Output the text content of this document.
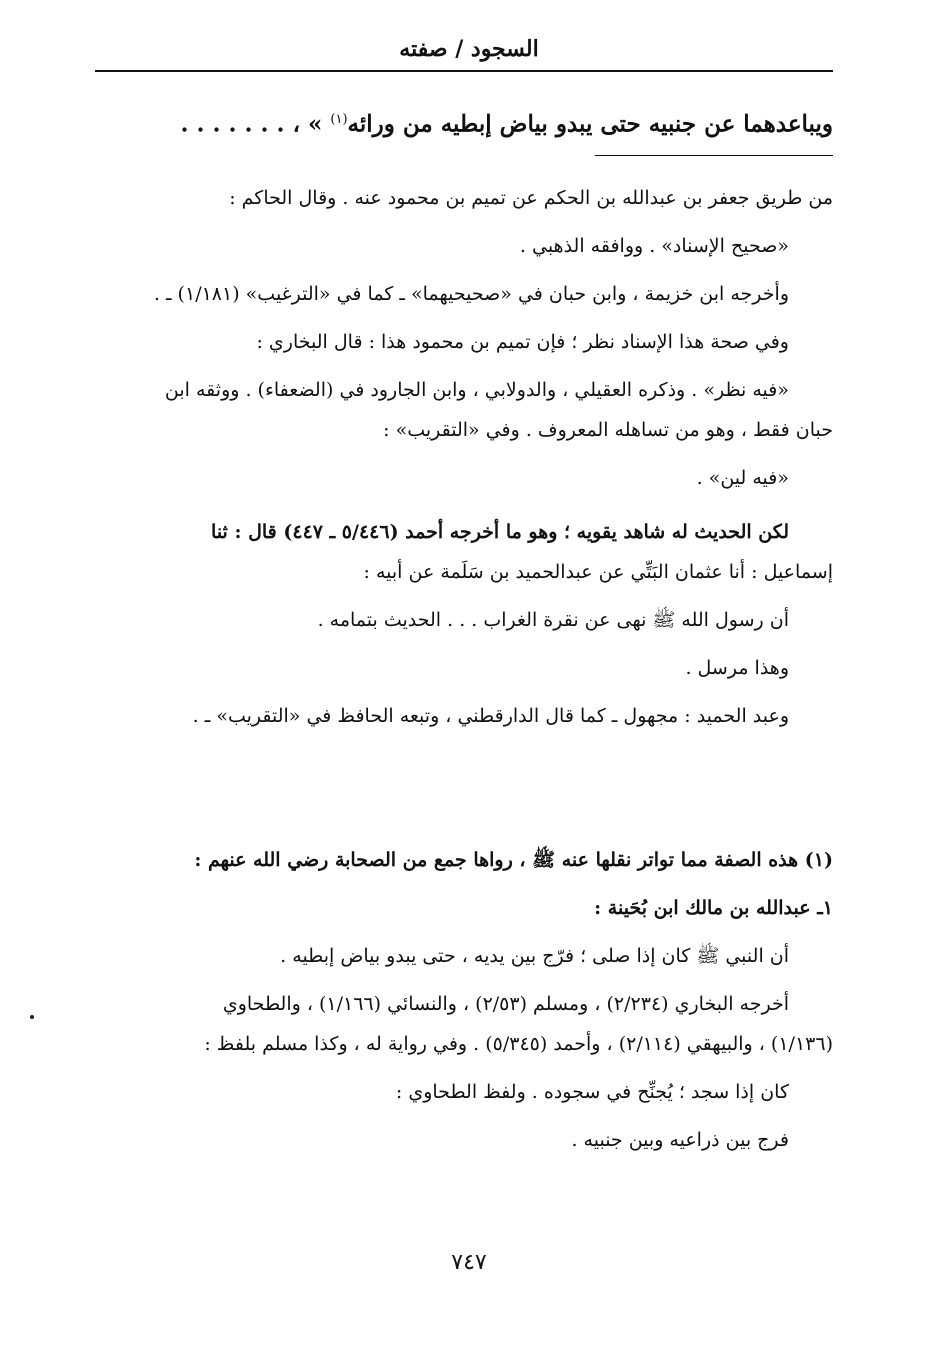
السجود / صفته
ويباعدهما عن جنبيه حتى يبدو بياض إبطيه من ورائه$^{(١)}$ » ، . . . . . . .

من طريق جعفر بن عبدالله بن الحكم عن تميم بن محمود عنه . وقال الحاكم :

«صحيح الإسناد» . ووافقه الذهبي .

وأخرجه ابن خزيمة ، وابن حبان في «صحيحيهما» ـ كما في «الترغيب» (١/١٨١) ـ .

وفي صحة هذا الإسناد نظر ؛ فإن تميم بن محمود هذا : قال البخاري :

«فيه نظر» . وذكره العقيلي ، والدولابي ، وابن الجارود في (الضعفاء) . ووثقه ابن

حبان فقط ، وهو من تساهله المعروف . وفي «التقريب» :

«فيه لين» .

لكن الحديث له شاهد يقويه ؛ وهو ما أخرجه أحمد (٥/٤٤٦ ـ ٤٤٧) قال : ثنا

إسماعيل : أنا عثمان البَتِّي عن عبدالحميد بن سَلَمة عن أبيه :

أن رسول الله ﷺ نهى عن نقرة الغراب . . . الحديث بتمامه .

وهذا مرسل .

وعبد الحميد : مجهول ـ كما قال الدارقطني ، وتبعه الحافظ في «التقريب» ـ .

(١) هذه الصفة مما تواتر نقلها عنه ﷺ ، رواها جمع من الصحابة رضي الله عنهم :

١ـ عبدالله بن مالك ابن بُحَينة :

أن النبي ﷺ كان إذا صلى ؛ فرّج بين يديه ، حتى يبدو بياض إبطيه .

أخرجه البخاري (٢/٢٣٤) ، ومسلم (٢/٥٣) ، والنسائي (١/١٦٦) ، والطحاوي

(١/١٣٦) ، والبيهقي (٢/١١٤) ، وأحمد (٥/٣٤٥) . وفي رواية له ، وكذا مسلم بلفظ :

كان إذا سجد ؛ يُجنِّح في سجوده . ولفظ الطحاوي :

فرج بين ذراعيه وبين جنبيه .

٧٤٧
